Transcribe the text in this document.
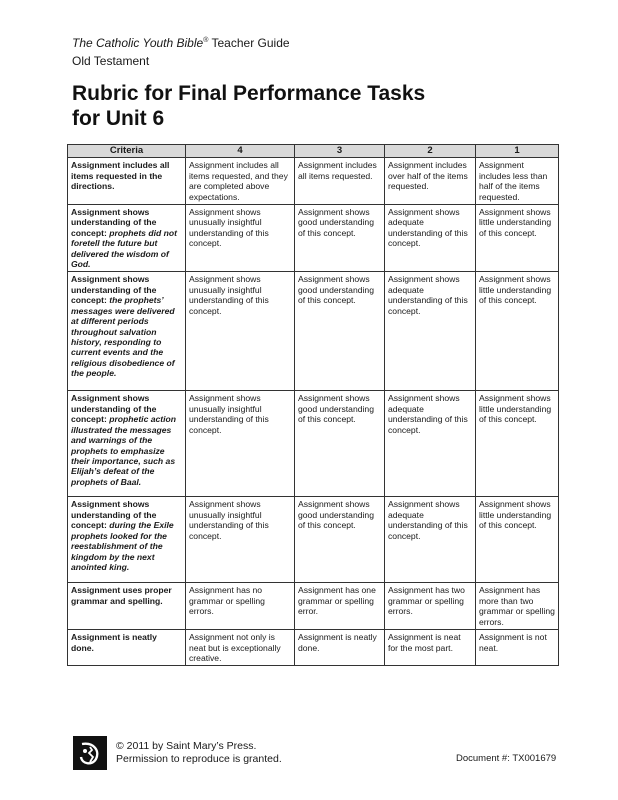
The Catholic Youth Bible® Teacher Guide
Old Testament
Rubric for Final Performance Tasks
for Unit 6
Criteria	4	3	2	1
Assignment includes all items requested in the directions.	Assignment includes all items requested, and they are completed above expectations.	Assignment includes all items requested.	Assignment includes over half of the items requested.	Assignment includes less than half of the items requested.
Assignment shows understanding of the concept: prophets did not foretell the future but delivered the wisdom of God.	Assignment shows unusually insightful understanding of this concept.	Assignment shows good understanding of this concept.	Assignment shows adequate understanding of this concept.	Assignment shows little understanding of this concept.
Assignment shows understanding of the concept: the prophets’ messages were delivered at different periods throughout salvation history, responding to current events and the religious disobedience of the people.	Assignment shows unusually insightful understanding of this concept.	Assignment shows good understanding of this concept.	Assignment shows adequate understanding of this concept.	Assignment shows little understanding of this concept.
Assignment shows understanding of the concept: prophetic action illustrated the messages and warnings of the prophets to emphasize their importance, such as Elijah’s defeat of the prophets of Baal.	Assignment shows unusually insightful understanding of this concept.	Assignment shows good understanding of this concept.	Assignment shows adequate understanding of this concept.	Assignment shows little understanding of this concept.
Assignment shows understanding of the concept: during the Exile prophets looked for the reestablishment of the kingdom by the next anointed king.	Assignment shows unusually insightful understanding of this concept.	Assignment shows good understanding of this concept.	Assignment shows adequate understanding of this concept.	Assignment shows little understanding of this concept.
Assignment uses proper grammar and spelling.	Assignment has no grammar or spelling errors.	Assignment has one grammar or spelling error.	Assignment has two grammar or spelling errors.	Assignment has more than two grammar or spelling errors.
Assignment is neatly done.	Assignment not only is neat but is exceptionally creative.	Assignment is neatly done.	Assignment is neat for the most part.	Assignment is not neat.
© 2011 by Saint Mary’s Press.
Permission to reproduce is granted.	Document #: TX001679
